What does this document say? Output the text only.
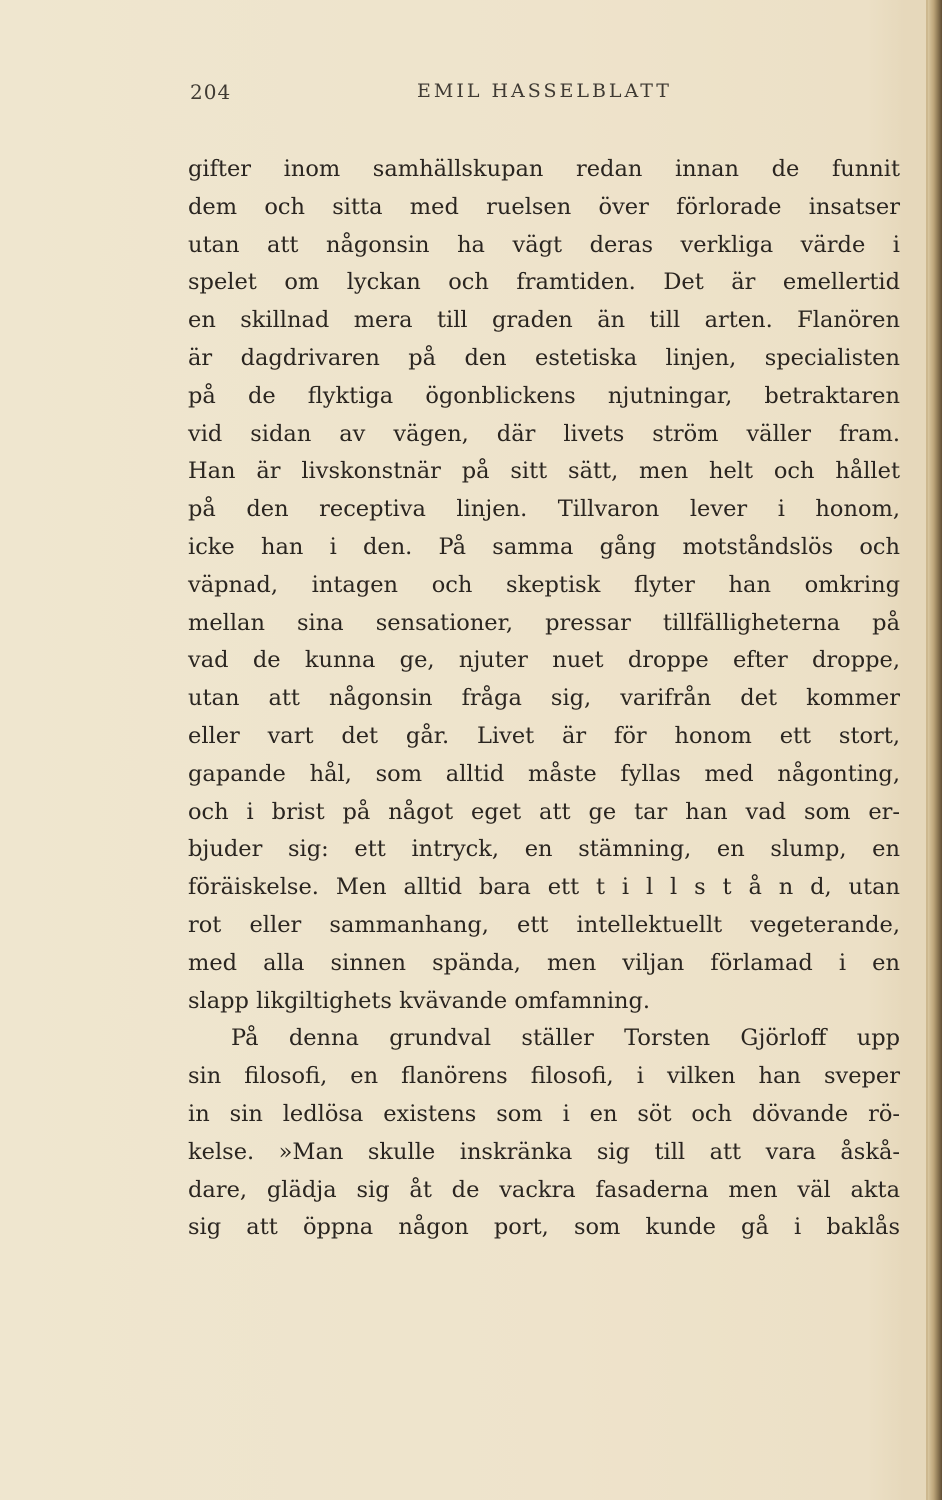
204	EMIL HASSELBLATT
gifter inom samhällskupan redan innan de funnit
dem och sitta med ruelsen över förlorade insatser
utan att någonsin ha vägt deras verkliga värde i
spelet om lyckan och framtiden. Det är emellertid
en skillnad mera till graden än till arten. Flanören
är dagdrivaren på den estetiska linjen, specialisten
på de flyktiga ögonblickens njutningar, betraktaren
vid sidan av vägen, där livets ström väller fram.
Han är livskonstnär på sitt sätt, men helt och hållet
på den receptiva linjen. Tillvaron lever i honom,
icke han i den. På samma gång motståndslös och
väpnad, intagen och skeptisk flyter han omkring
mellan sina sensationer, pressar tillfälligheterna på
vad de kunna ge, njuter nuet droppe efter droppe,
utan att någonsin fråga sig, varifrån det kommer
eller vart det går. Livet är för honom ett stort,
gapande hål, som alltid måste fyllas med någonting,
och i brist på något eget att ge tar han vad som er-
bjuder sig: ett intryck, en stämning, en slump, en
föräiskelse. Men alltid bara ett t i l l s t å n d, utan
rot eller sammanhang, ett intellektuellt vegeterande,
med alla sinnen spända, men viljan förlamad i en
slapp likgiltighets kvävande omfamning.
På denna grundval ställer Torsten Gjörloff upp
sin filosofi, en flanörens filosofi, i vilken han sveper
in sin ledlösa existens som i en söt och dövande rö-
kelse. »Man skulle inskränka sig till att vara åskå-
dare, glädja sig åt de vackra fasaderna men väl akta
sig att öppna någon port, som kunde gå i baklås
